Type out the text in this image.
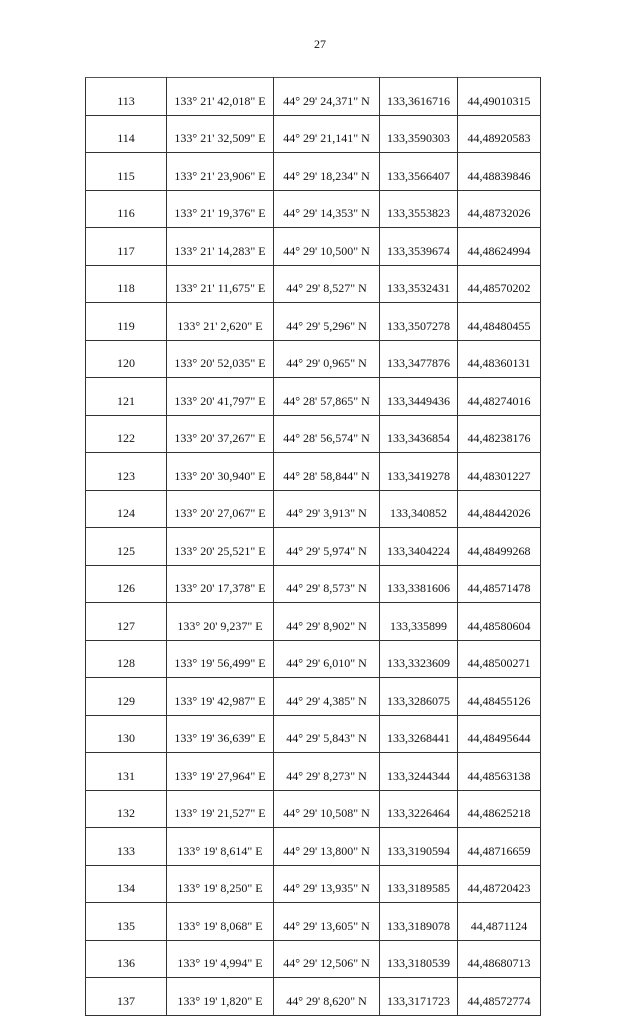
27
113	133° 21' 42,018" E	44° 29' 24,371" N	133,3616716	44,49010315
114	133° 21' 32,509" E	44° 29' 21,141" N	133,3590303	44,48920583
115	133° 21' 23,906" E	44° 29' 18,234" N	133,3566407	44,48839846
116	133° 21' 19,376" E	44° 29' 14,353" N	133,3553823	44,48732026
117	133° 21' 14,283" E	44° 29' 10,500" N	133,3539674	44,48624994
118	133° 21' 11,675" E	44° 29' 8,527" N	133,3532431	44,48570202
119	133° 21' 2,620" E	44° 29' 5,296" N	133,3507278	44,48480455
120	133° 20' 52,035" E	44° 29' 0,965" N	133,3477876	44,48360131
121	133° 20' 41,797" E	44° 28' 57,865" N	133,3449436	44,48274016
122	133° 20' 37,267" E	44° 28' 56,574" N	133,3436854	44,48238176
123	133° 20' 30,940" E	44° 28' 58,844" N	133,3419278	44,48301227
124	133° 20' 27,067" E	44° 29' 3,913" N	133,340852	44,48442026
125	133° 20' 25,521" E	44° 29' 5,974" N	133,3404224	44,48499268
126	133° 20' 17,378" E	44° 29' 8,573" N	133,3381606	44,48571478
127	133° 20' 9,237" E	44° 29' 8,902" N	133,335899	44,48580604
128	133° 19' 56,499" E	44° 29' 6,010" N	133,3323609	44,48500271
129	133° 19' 42,987" E	44° 29' 4,385" N	133,3286075	44,48455126
130	133° 19' 36,639" E	44° 29' 5,843" N	133,3268441	44,48495644
131	133° 19' 27,964" E	44° 29' 8,273" N	133,3244344	44,48563138
132	133° 19' 21,527" E	44° 29' 10,508" N	133,3226464	44,48625218
133	133° 19' 8,614" E	44° 29' 13,800" N	133,3190594	44,48716659
134	133° 19' 8,250" E	44° 29' 13,935" N	133,3189585	44,48720423
135	133° 19' 8,068" E	44° 29' 13,605" N	133,3189078	44,4871124
136	133° 19' 4,994" E	44° 29' 12,506" N	133,3180539	44,48680713
137	133° 19' 1,820" E	44° 29' 8,620" N	133,3171723	44,48572774
